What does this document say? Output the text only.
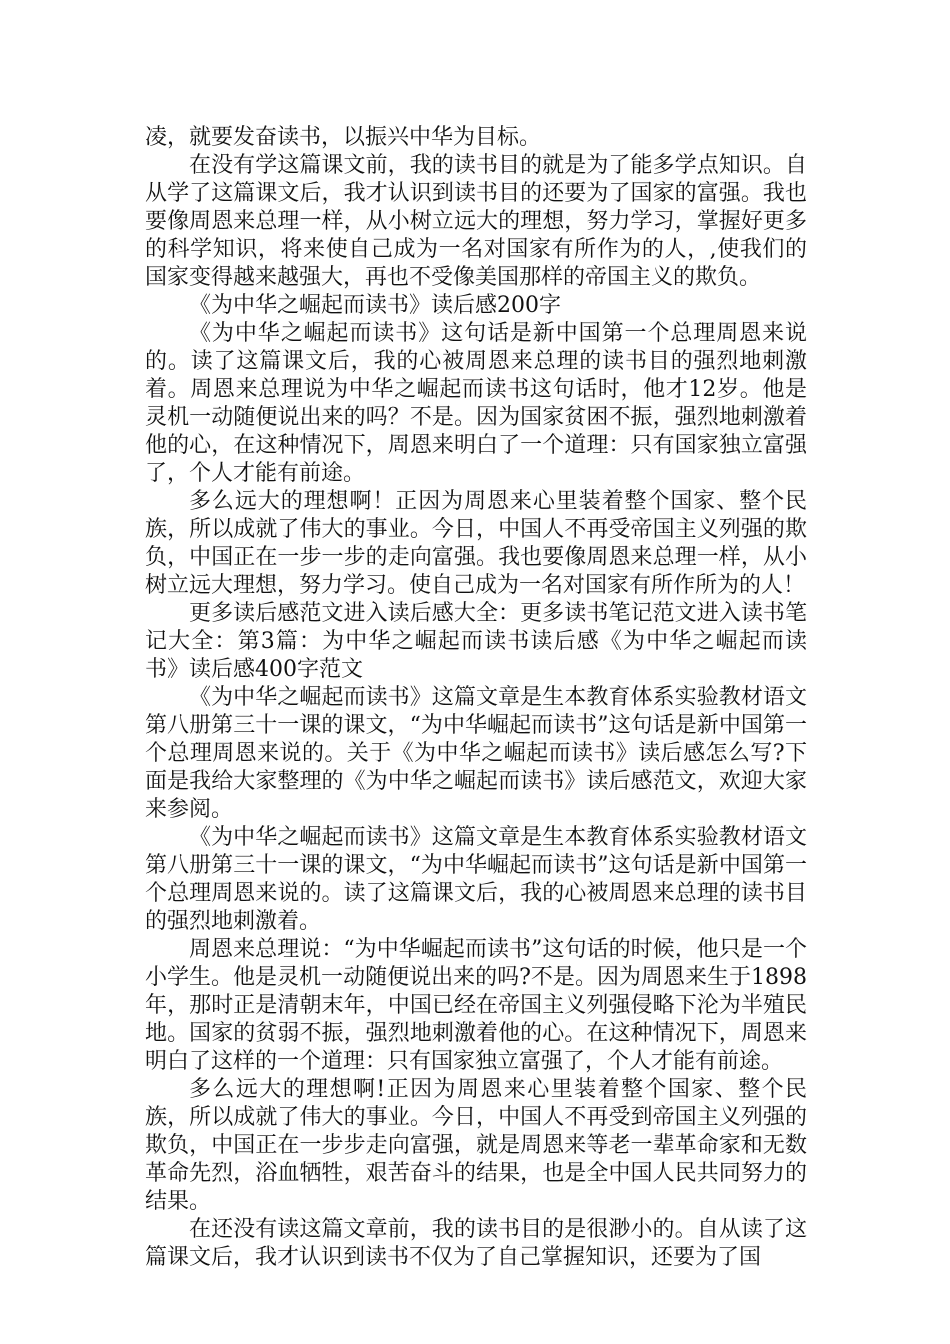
凌，就要发奋读书，以振兴中华为目标。

在没有学这篇课文前，我的读书目的就是为了能多学点知识。自从学了这篇课文后，我才认识到读书目的还要为了国家的富强。我也要像周恩来总理一样，从小树立远大的理想，努力学习，掌握好更多的科学知识，将来使自己成为一名对国家有所作为的人，,使我们的国家变得越来越强大，再也不受像美国那样的帝国主义的欺负。

《为中华之崛起而读书》读后感200字

《为中华之崛起而读书》这句话是新中国第一个总理周恩来说的。读了这篇课文后，我的心被周恩来总理的读书目的强烈地刺激着。周恩来总理说为中华之崛起而读书这句话时，他才12岁。他是灵机一动随便说出来的吗？不是。因为国家贫困不振，强烈地刺激着他的心，在这种情况下，周恩来明白了一个道理：只有国家独立富强了，个人才能有前途。

多么远大的理想啊！正因为周恩来心里装着整个国家、整个民族，所以成就了伟大的事业。今日，中国人不再受帝国主义列强的欺负，中国正在一步一步的走向富强。我也要像周恩来总理一样，从小树立远大理想，努力学习。使自己成为一名对国家有所作所为的人！

更多读后感范文进入读后感大全：更多读书笔记范文进入读书笔记大全：第3篇：为中华之崛起而读书读后感《为中华之崛起而读书》读后感400字范文

《为中华之崛起而读书》这篇文章是生本教育体系实验教材语文第八册第三十一课的课文，“为中华崛起而读书”这句话是新中国第一个总理周恩来说的。关于《为中华之崛起而读书》读后感怎么写?下面是我给大家整理的《为中华之崛起而读书》读后感范文，欢迎大家来参阅。

《为中华之崛起而读书》这篇文章是生本教育体系实验教材语文第八册第三十一课的课文，“为中华崛起而读书”这句话是新中国第一个总理周恩来说的。读了这篇课文后，我的心被周恩来总理的读书目的强烈地刺激着。

周恩来总理说：“为中华崛起而读书”这句话的时候，他只是一个小学生。他是灵机一动随便说出来的吗?不是。因为周恩来生于1898年，那时正是清朝末年，中国已经在帝国主义列强侵略下沦为半殖民地。国家的贫弱不振，强烈地刺激着他的心。在这种情况下，周恩来明白了这样的一个道理：只有国家独立富强了，个人才能有前途。

多么远大的理想啊!正因为周恩来心里装着整个国家、整个民族，所以成就了伟大的事业。今日，中国人不再受到帝国主义列强的欺负，中国正在一步步走向富强，就是周恩来等老一辈革命家和无数革命先烈，浴血牺牲，艰苦奋斗的结果，也是全中国人民共同努力的结果。

在还没有读这篇文章前，我的读书目的是很渺小的。自从读了这篇课文后，我才认识到读书不仅为了自己掌握知识，还要为了国
